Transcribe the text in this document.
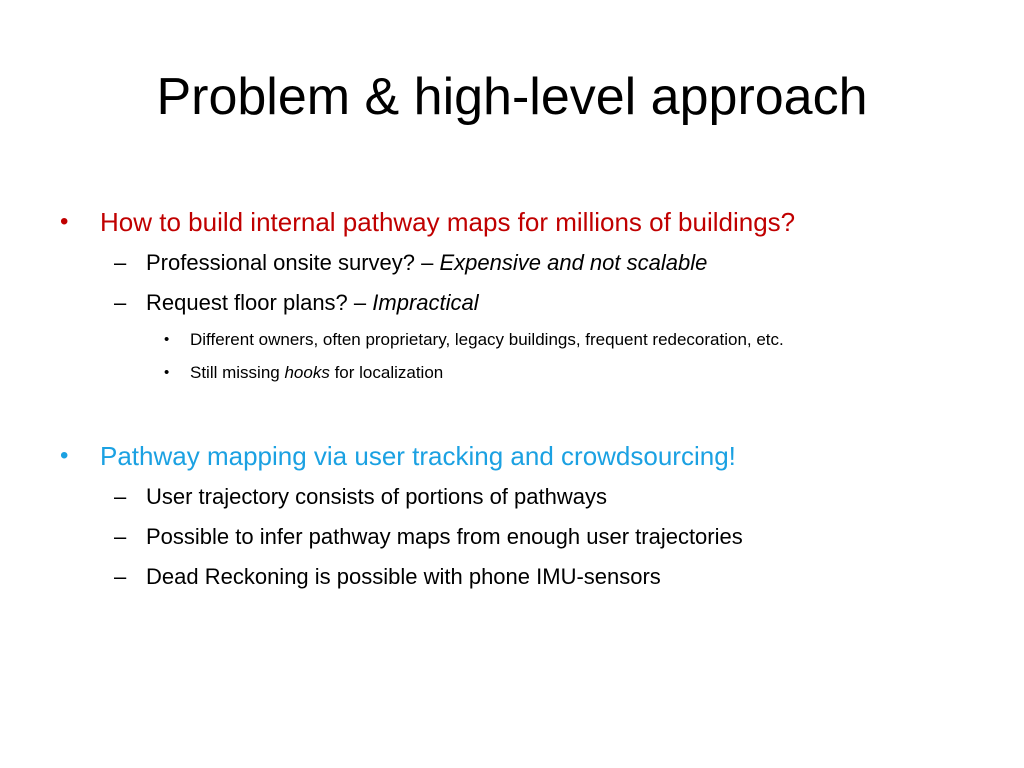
Problem & high-level approach
• How to build internal pathway maps for millions of buildings?
– Professional onsite survey? – Expensive and not scalable
– Request floor plans? – Impractical
• Different owners, often proprietary, legacy buildings, frequent redecoration, etc.
• Still missing hooks for localization
• Pathway mapping via user tracking and crowdsourcing!
– User trajectory consists of portions of pathways
– Possible to infer pathway maps from enough user trajectories
– Dead Reckoning is possible with phone IMU-sensors
